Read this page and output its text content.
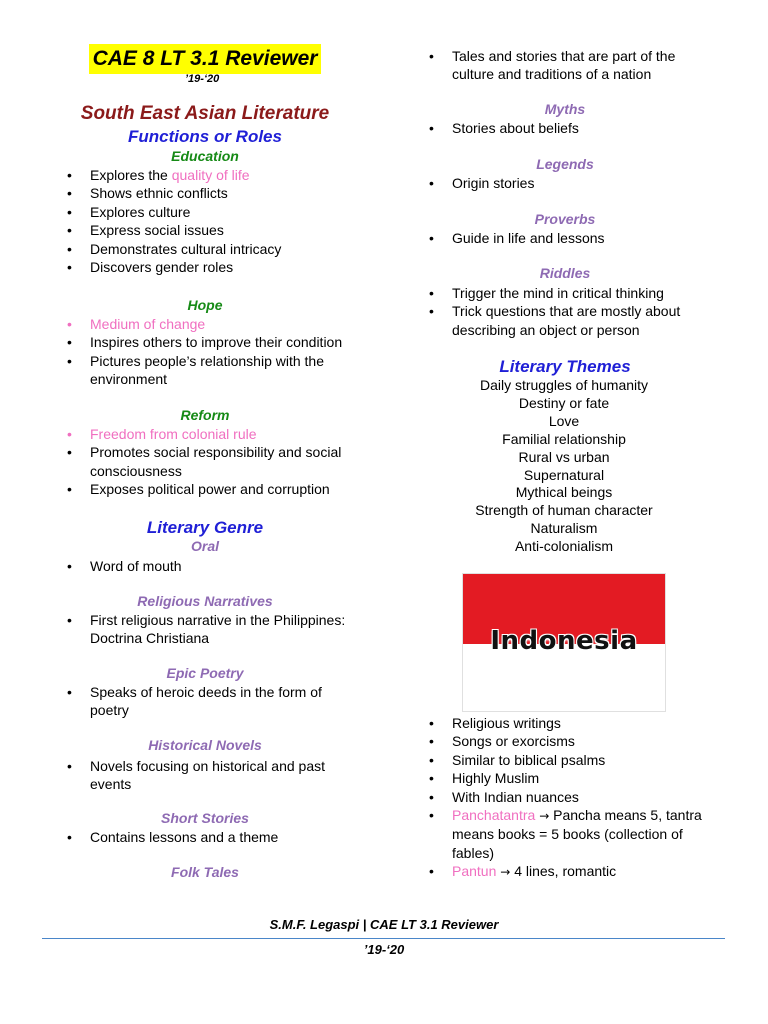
CAE 8 LT 3.1 Reviewer
’19-‘20
South East Asian Literature
Functions or Roles
Education
• Explores the quality of life
• Shows ethnic conflicts
• Explores culture
• Express social issues
• Demonstrates cultural intricacy
• Discovers gender roles
Hope
• Medium of change
• Inspires others to improve their condition
• Pictures people’s relationship with the environment
Reform
• Freedom from colonial rule
• Promotes social responsibility and social consciousness
• Exposes political power and corruption
Literary Genre
Oral
• Word of mouth
Religious Narratives
• First religious narrative in the Philippines: Doctrina Christiana
Epic Poetry
• Speaks of heroic deeds in the form of poetry
Historical Novels
• Novels focusing on historical and past events
Short Stories
• Contains lessons and a theme
Folk Tales
• Tales and stories that are part of the culture and traditions of a nation
Myths
• Stories about beliefs
Legends
• Origin stories
Proverbs
• Guide in life and lessons
Riddles
• Trigger the mind in critical thinking
• Trick questions that are mostly about describing an object or person
Literary Themes
Daily struggles of humanity
Destiny or fate
Love
Familial relationship
Rural vs urban
Supernatural
Mythical beings
Strength of human character
Naturalism
Anti-colonialism
Indonesia
• Religious writings
• Songs or exorcisms
• Similar to biblical psalms
• Highly Muslim
• With Indian nuances
• Panchatantra → Pancha means 5, tantra means books = 5 books (collection of fables)
• Pantun → 4 lines, romantic
S.M.F. Legaspi | CAE LT 3.1 Reviewer
’19-‘20
